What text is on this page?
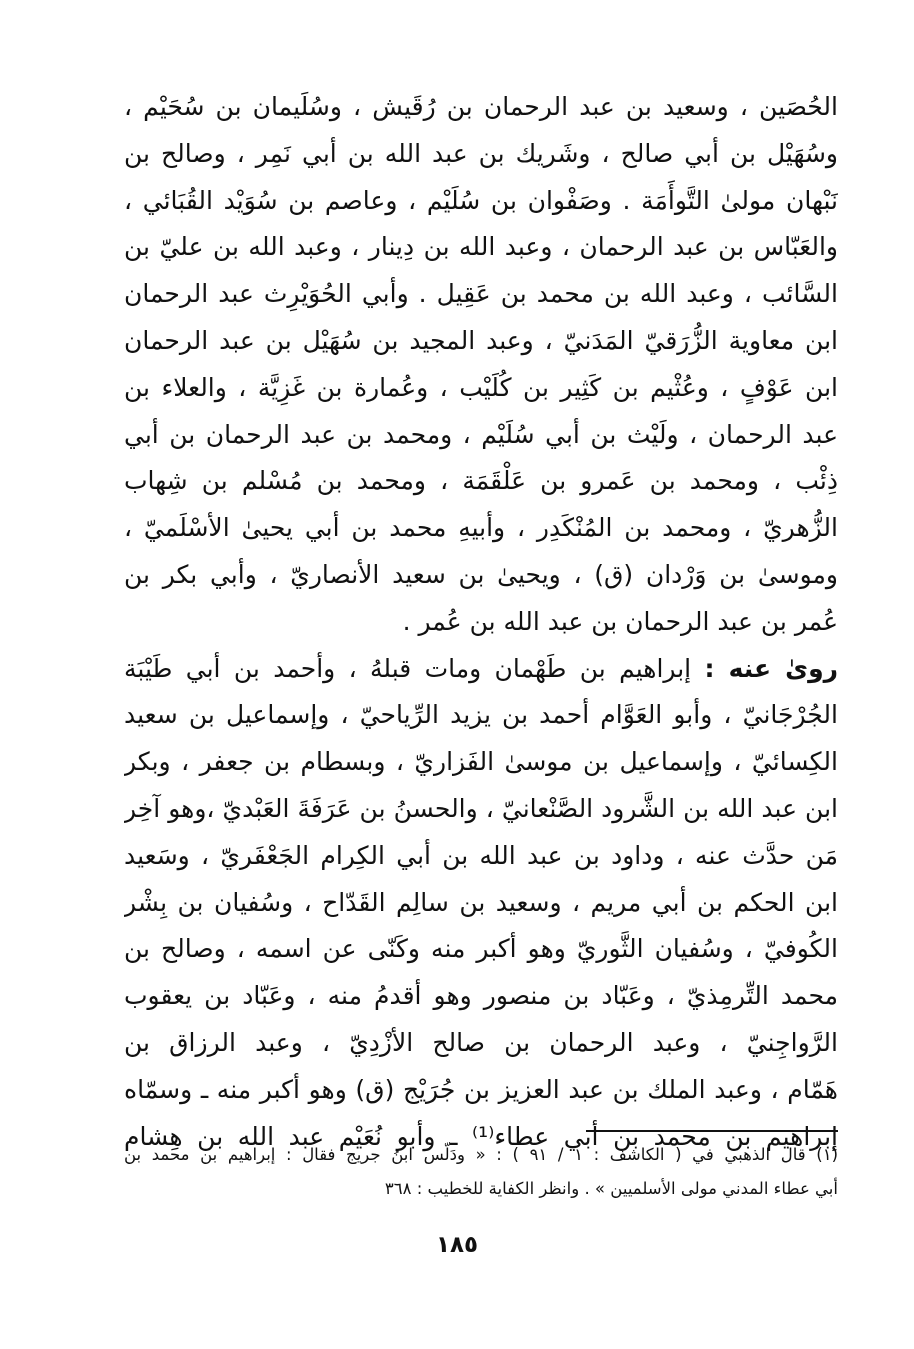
الحُصَين ، وسعيد بن عبد الرحمان بن رُقَيش ، وسُلَيمان بن سُحَيْم ،
وسُهَيْل بن أبي صالح ، وشَريك بن عبد الله بن أبي نَمِر ، وصالح بن
نَبْهان مولىٰ التَّوأَمَة . وصَفْوان بن سُلَيْم ، وعاصم بن سُوَيْد القُبَائي ،
والعَبّاس بن عبد الرحمان ، وعبد الله بن دِينار ، وعبد الله بن عليّ بن
السَّائب ، وعبد الله بن محمد بن عَقِيل . وأبي الحُوَيْرِث عبد الرحمان
ابن معاوية الزُّرَقيّ المَدَنيّ ، وعبد المجيد بن سُهَيْل بن عبد الرحمان
ابن عَوْفٍ ، وعُثْيم بن كَثِير بن كُلَيْب ، وعُمارة بن غَزِيَّة ، والعلاء بن
عبد الرحمان ، ولَيْث بن أبي سُلَيْم ، ومحمد بن عبد الرحمان بن أبي
ذِئْب ، ومحمد بن عَمرو بن عَلْقَمَة ، ومحمد بن مُسْلم بن شِهاب
الزُّهريّ ، ومحمد بن المُنْكَدِر ، وأبيهِ محمد بن أبي يحيىٰ الأسْلَميّ ،
وموسىٰ بن وَرْدان (ق) ، ويحيىٰ بن سعيد الأنصاريّ ، وأبي بكر بن
عُمر بن عبد الرحمان بن عبد الله بن عُمر .
روىٰ عنه : إبراهيم بن طَهْمان ومات قبلهُ ، وأحمد بن أبي طَيْبَة
الجُرْجَانيّ ، وأبو العَوَّام أحمد بن يزيد الرِّياحيّ ، وإسماعيل بن سعيد
الكِسائيّ ، وإسماعيل بن موسىٰ الفَزاريّ ، وبسطام بن جعفر ، وبكر
ابن عبد الله بن الشَّرود الصَّنْعانيّ ، والحسنُ بن عَرَفَةَ العَبْديّ ،وهو آخِر
مَن حدَّث عنه ، وداود بن عبد الله بن أبي الكِرام الجَعْفَريّ ، وسَعيد
ابن الحكم بن أبي مريم ، وسعيد بن سالِم القَدّاح ، وسُفيان بن بِشْر
الكُوفيّ ، وسُفيان الثَّوريّ وهو أكبر منه وكَنّى عن اسمه ، وصالح بن
محمد التِّرمِذيّ ، وعَبّاد بن منصور وهو أقدمُ منه ، وعَبّاد بن يعقوب
الرَّواجِنيّ ، وعبد الرحمان بن صالح الأزْدِيّ ، وعبد الرزاق بن
هَمّام ، وعبد الملك بن عبد العزيز بن جُرَيْج (ق) وهو أكبر منه ـ وسمّاه
إبراهيم بن محمد بن أبي عطاء⁽¹⁾ ـ وأبو نُعَيْم عبد الله بن هِشام
(١) قال الذهبي في ( الكاشف : ١ / ٩١ ) : « ودَلّس ابنُ جريج فقال : إبراهيم بن محمد بن
أبي عطاء المدني مولى الأسلميين » . وانظر الكفاية للخطيب : ٣٦٨
١٨٥
